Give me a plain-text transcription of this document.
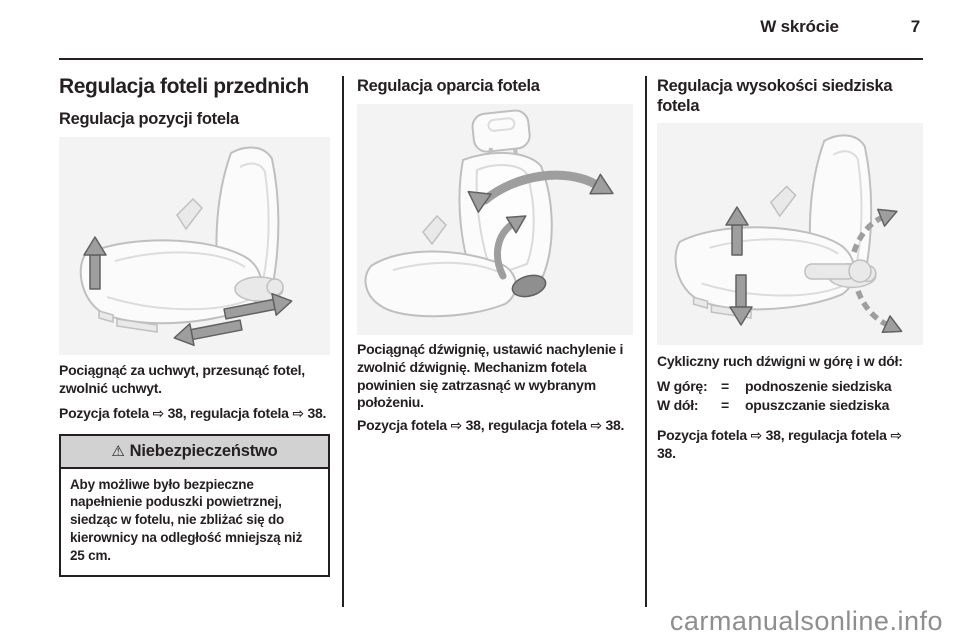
W skrócie	7
Regulacja foteli przednich
Regulacja pozycji fotela

Pociągnąć za uchwyt, przesunąć fotel, zwolnić uchwyt.

Pozycja fotela ⇨ 38, regulacja fotela ⇨ 38.

⚠ Niebezpieczeństwo
Aby możliwe było bezpieczne napełnienie poduszki powietrznej, siedząc w fotelu, nie zbliżać się do kierownicy na odległość mniejszą niż 25 cm.
Regulacja oparcia fotela

Pociągnąć dźwignię, ustawić nachylenie i zwolnić dźwignię. Mechanizm fotela powinien się zatrzasnąć w wybranym położeniu.

Pozycja fotela ⇨ 38, regulacja fotela ⇨ 38.

Regulacja wysokości siedziska fotela

Cykliczny ruch dźwigni w górę i w dół:

W górę: =	podnoszenie siedziska
W dół:	=	opuszczanie siedziska

Pozycja fotela ⇨ 38, regulacja fotela ⇨ 38.

carmanualsonline.info
